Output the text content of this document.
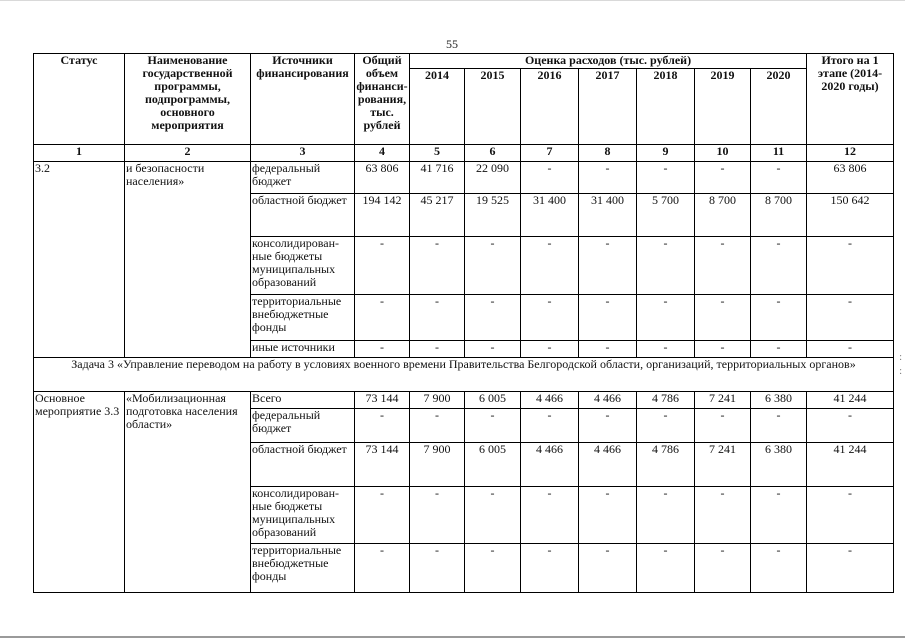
55
Статус	Наименование государственной программы, подпрограммы, основного мероприятия	Источники финансирования	Общий объем финанси-рования, тыс. рублей	Оценка расходов (тыс. рублей)							Итого на 1 этапе (2014-2020 годы)
				2014	2015	2016	2017	2018	2019	2020	
1	2	3	4	5	6	7	8	9	10	11	12
3.2	и безопасности населения»	федеральный бюджет	63 806	41 716	22 090	-	-	-	-	-	63 806
		областной бюджет	194 142	45 217	19 525	31 400	31 400	5 700	8 700	8 700	150 642
		консолидирован-ные бюджеты муниципальных образований	-	-	-	-	-	-	-	-	-
		территориальные внебюджетные фонды	-	-	-	-	-	-	-	-	-
		иные источники	-	-	-	-	-	-	-	-	-
Задача 3 «Управление переводом на работу в условиях военного времени Правительства Белгородской области, организаций, территориальных органов»											
Основное мероприятие 3.3	«Мобилизационная подготовка населения области»	Всего	73 144	7 900	6 005	4 466	4 466	4 786	7 241	6 380	41 244
		федеральный бюджет	-	-	-	-	-	-	-	-	-
		областной бюджет	73 144	7 900	6 005	4 466	4 466	4 786	7 241	6 380	41 244
		консолидирован-ные бюджеты муниципальных образований	-	-	-	-	-	-	-	-	-
		территориальные внебюджетные фонды	-	-	-	-	-	-	-	-	-
:
:
